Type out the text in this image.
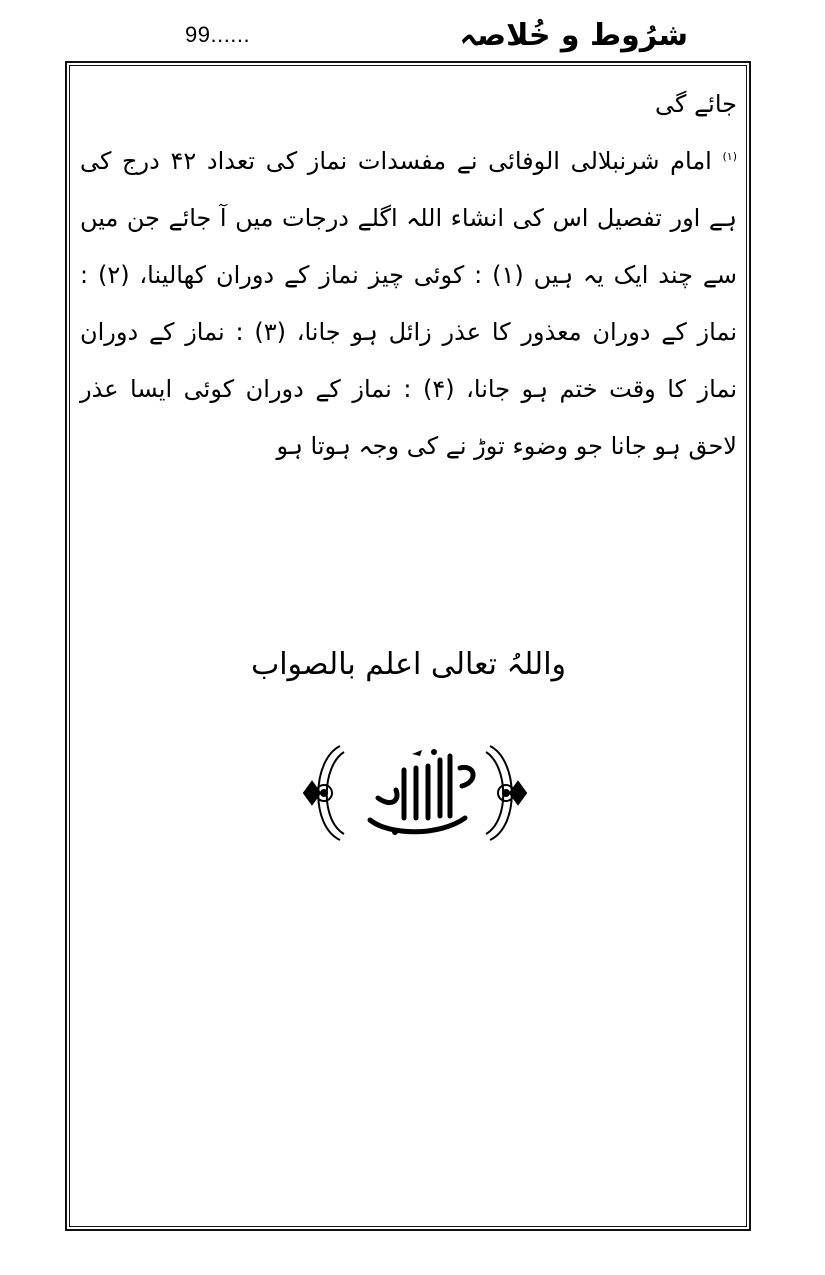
99......	شرُوط و خُلاصہ

جائے گی

$^{(۱)}$ امام شرنبلالی الوفائی نے مفسدات نماز کی تعداد ۴۲ درج کی ہے اور تفصیل اس کی انشاء اللہ اگلے درجات میں آ جائے جن میں سے چند ایک یہ ہیں (۱) : کوئی چیز نماز کے دوران کھالینا، (۲) : نماز کے دوران معذور کا عذر زائل ہو جانا، (۳) : نماز کے دوران نماز کا وقت ختم ہو جانا، (۴) : نماز کے دوران کوئی ایسا عذر لاحق ہو جانا جو وضوء توڑ نے کی وجہ ہوتا ہو

واللہُ تعالی اعلم بالصواب
